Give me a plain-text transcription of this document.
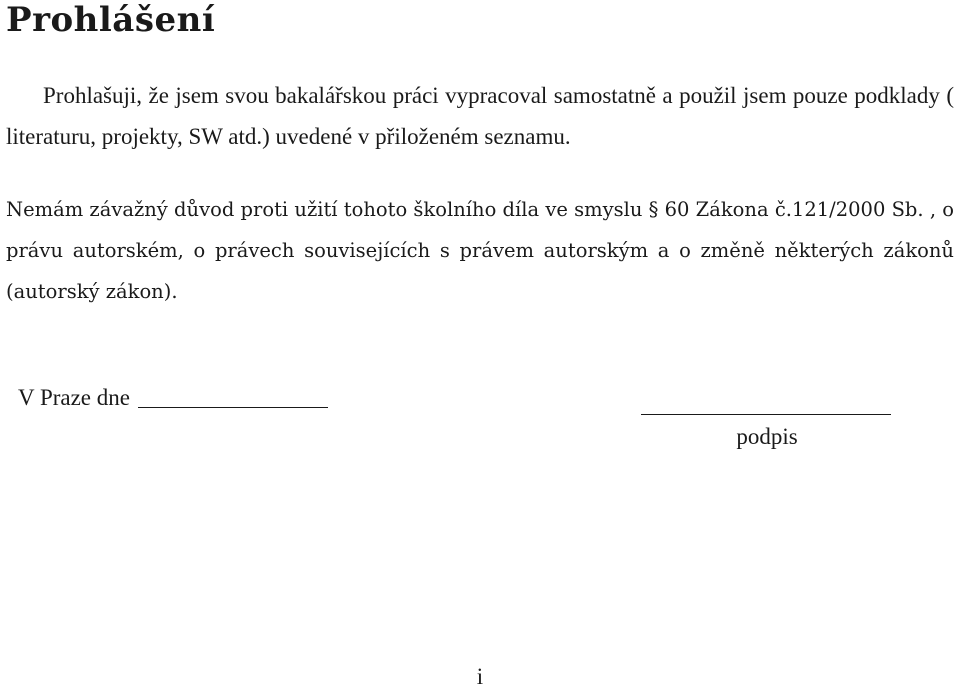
Prohlášení

Prohlašuji, že jsem svou bakalářskou práci vypracoval samostatně a použil jsem pouze podklady ( literaturu, projekty, SW atd.) uvedené v přiloženém seznamu.

Nemám závažný důvod proti užití tohoto školního díla ve smyslu § 60 Zákona č.121/2000 Sb. , o právu autorském, o právech souvisejících s právem autorským a o změně některých zákonů (autorský zákon).

V Praze dne
podpis
i
